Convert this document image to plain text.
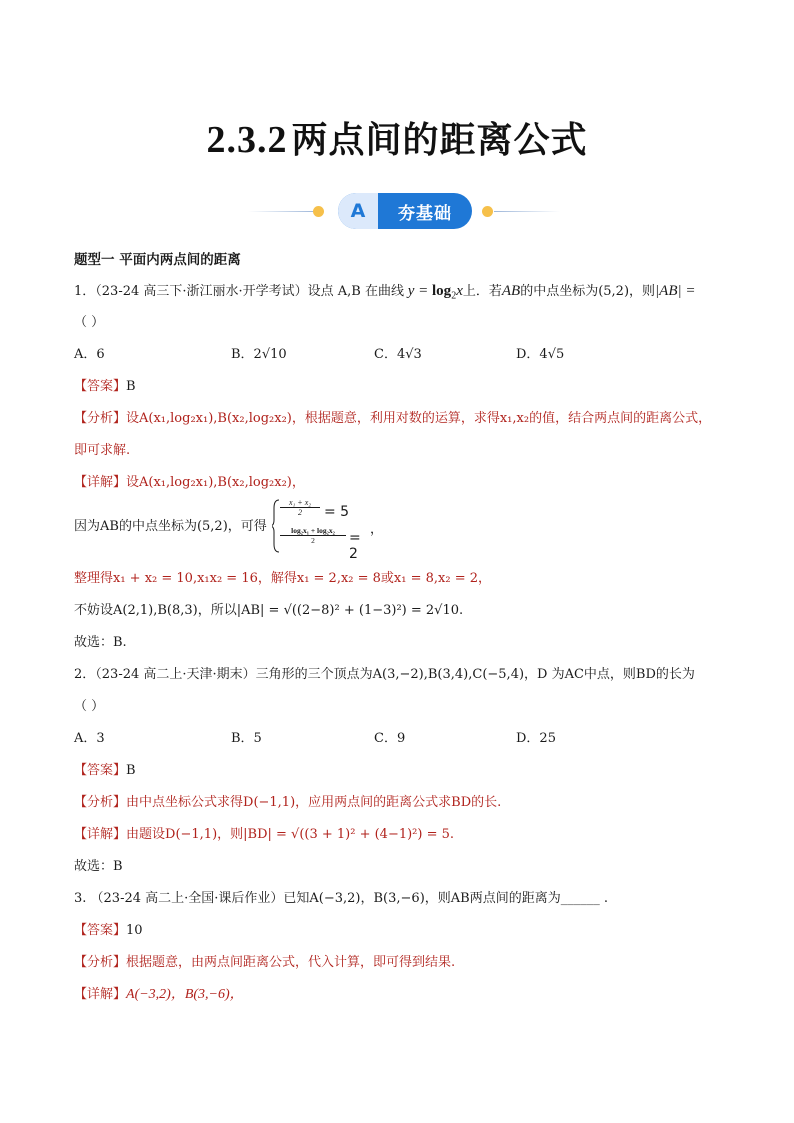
2.3.2 两点间的距离公式
A	夯基础
题型一 平面内两点间的距离
1．（23-24 高三下·浙江丽水·开学考试）设点 A,B 在曲线 $y = \log_2x$上．若AB的中点坐标为(5,2)，则|AB| =
（ ）
A．6	B．2√10	C．4√3	D．4√5
【答案】B
【分析】设A(x₁,log₂x₁),B(x₂,log₂x₂)，根据题意，利用对数的运算，求得x₁,x₂的值，结合两点间的距离公式，
即可求解.
【详解】设A(x₁,log₂x₁),B(x₂,log₂x₂)，
因为AB的中点坐标为(5,2)，可得
x₁ + x₂
2	= 5
log₂x₁ + log₂x₂
2	= 2
，
整理得x₁ + x₂ = 10,x₁x₂ = 16，解得x₁ = 2,x₂ = 8或x₁ = 8,x₂ = 2，
不妨设A(2,1),B(8,3)，所以|AB| = √((2−8)² + (1−3)²) = 2√10.
故选：B.
2．（23-24 高二上·天津·期末）三角形的三个顶点为A(3,−2),B(3,4),C(−5,4)，D 为AC中点，则BD的长为
（ ）
A．3	B．5	C．9	D．25
【答案】B
【分析】由中点坐标公式求得D(−1,1)，应用两点间的距离公式求BD的长.
【详解】由题设D(−1,1)，则|BD| = √((3 + 1)² + (4−1)²) = 5.
故选：B
3. （23-24 高二上·全国·课后作业）已知A(−3,2)，B(3,−6)，则AB两点间的距离为______ .
【答案】10
【分析】根据题意，由两点间距离公式，代入计算，即可得到结果.
【详解】A(−3,2)，B(3,−6)，
